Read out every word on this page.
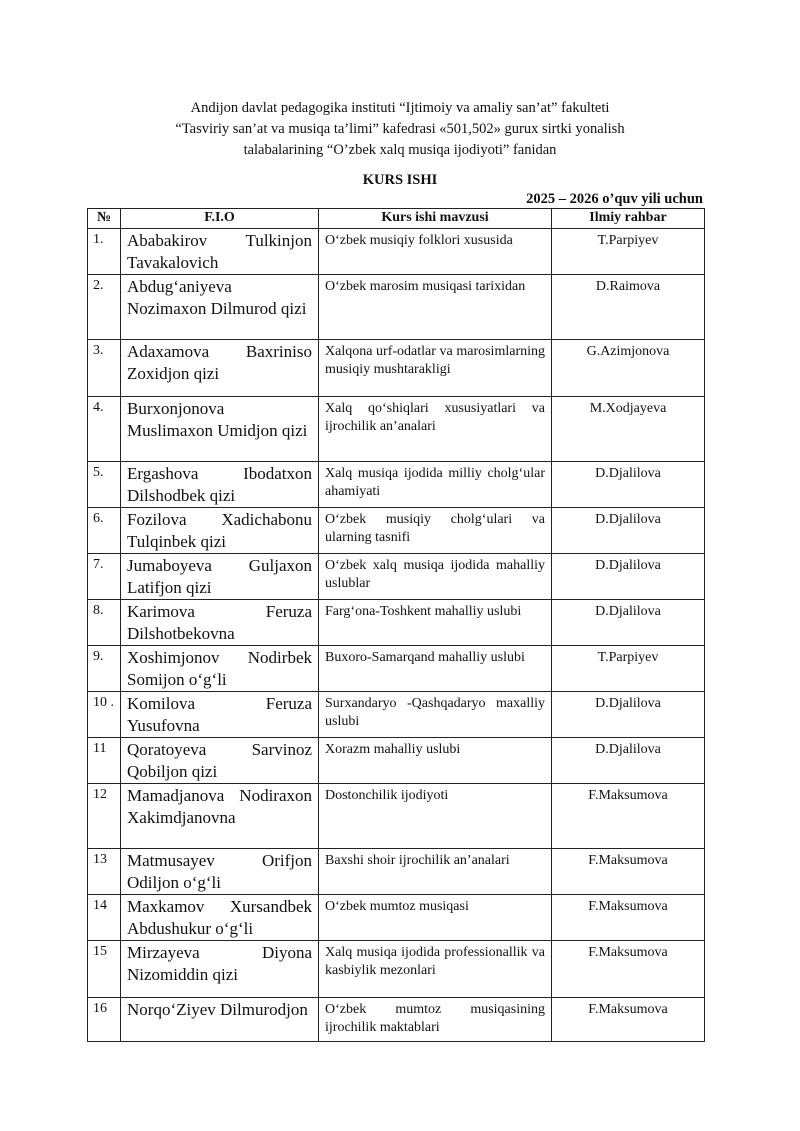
Andijon davlat pedagogika instituti “Ijtimoiy va amaliy san’at” fakulteti
“Tasviriy san’at va musiqa ta’limi” kafedrasi «501,502» gurux sirtki yonalish
talabalarining “O’zbek xalq musiqa ijodiyoti” fanidan
KURS ISHI
2025 – 2026 o’quv yili uchun
№	F.I.O	Kurs ishi mavzusi	Ilmiy rahbar
1.	Ababakirov Tulkinjon Tavakalovich	O‘zbek musiqiy folklori xususida	T.Parpiyev
2.	Abdug‘aniyeva Nozimaxon Dilmurod qizi	O‘zbek marosim musiqasi tarixidan	D.Raimova
3.	Adaxamova Baxriniso Zoxidjon qizi	Xalqona urf-odatlar va marosimlarning musiqiy mushtarakligi	G.Azimjonova
4.	Burxonjonova Muslimaxon Umidjon qizi	Xalq qo‘shiqlari xususiyatlari va ijrochilik an’analari	M.Xodjayeva
5.	Ergashova Ibodatxon Dilshodbek qizi	Xalq musiqa ijodida milliy cholg‘ular ahamiyati	D.Djalilova
6.	Fozilova Xadichabonu Tulqinbek qizi	O‘zbek musiqiy cholg‘ulari va ularning tasnifi	D.Djalilova
7.	Jumaboyeva Guljaxon Latifjon qizi	O‘zbek xalq musiqa ijodida mahalliy uslublar	D.Djalilova
8.	Karimova Feruza Dilshotbekovna	Farg‘ona-Toshkent mahalliy uslubi	D.Djalilova
9.	Xoshimjonov Nodirbek Somijon o‘g‘li	Buxoro-Samarqand mahalliy uslubi	T.Parpiyev
10 .	Komilova Feruza Yusufovna	Surxandaryo -Qashqadaryo maxalliy uslubi	D.Djalilova
11	Qoratoyeva Sarvinoz Qobiljon qizi	Xorazm mahalliy uslubi	D.Djalilova
12	Mamadjanova Nodiraxon Xakimdjanovna	Dostonchilik ijodiyoti	F.Maksumova
13	Matmusayev Orifjon Odiljon o‘g‘li	Baxshi shoir ijrochilik an’analari	F.Maksumova
14	Maxkamov Xursandbek Abdushukur o‘g‘li	O‘zbek mumtoz musiqasi	F.Maksumova
15	Mirzayeva Diyona Nizomiddin qizi	Xalq musiqa ijodida professionallik va kasbiylik mezonlari	F.Maksumova
16	Norqo‘Ziyev Dilmurodjon	O‘zbek mumtoz musiqasining ijrochilik maktablari	F.Maksumova
